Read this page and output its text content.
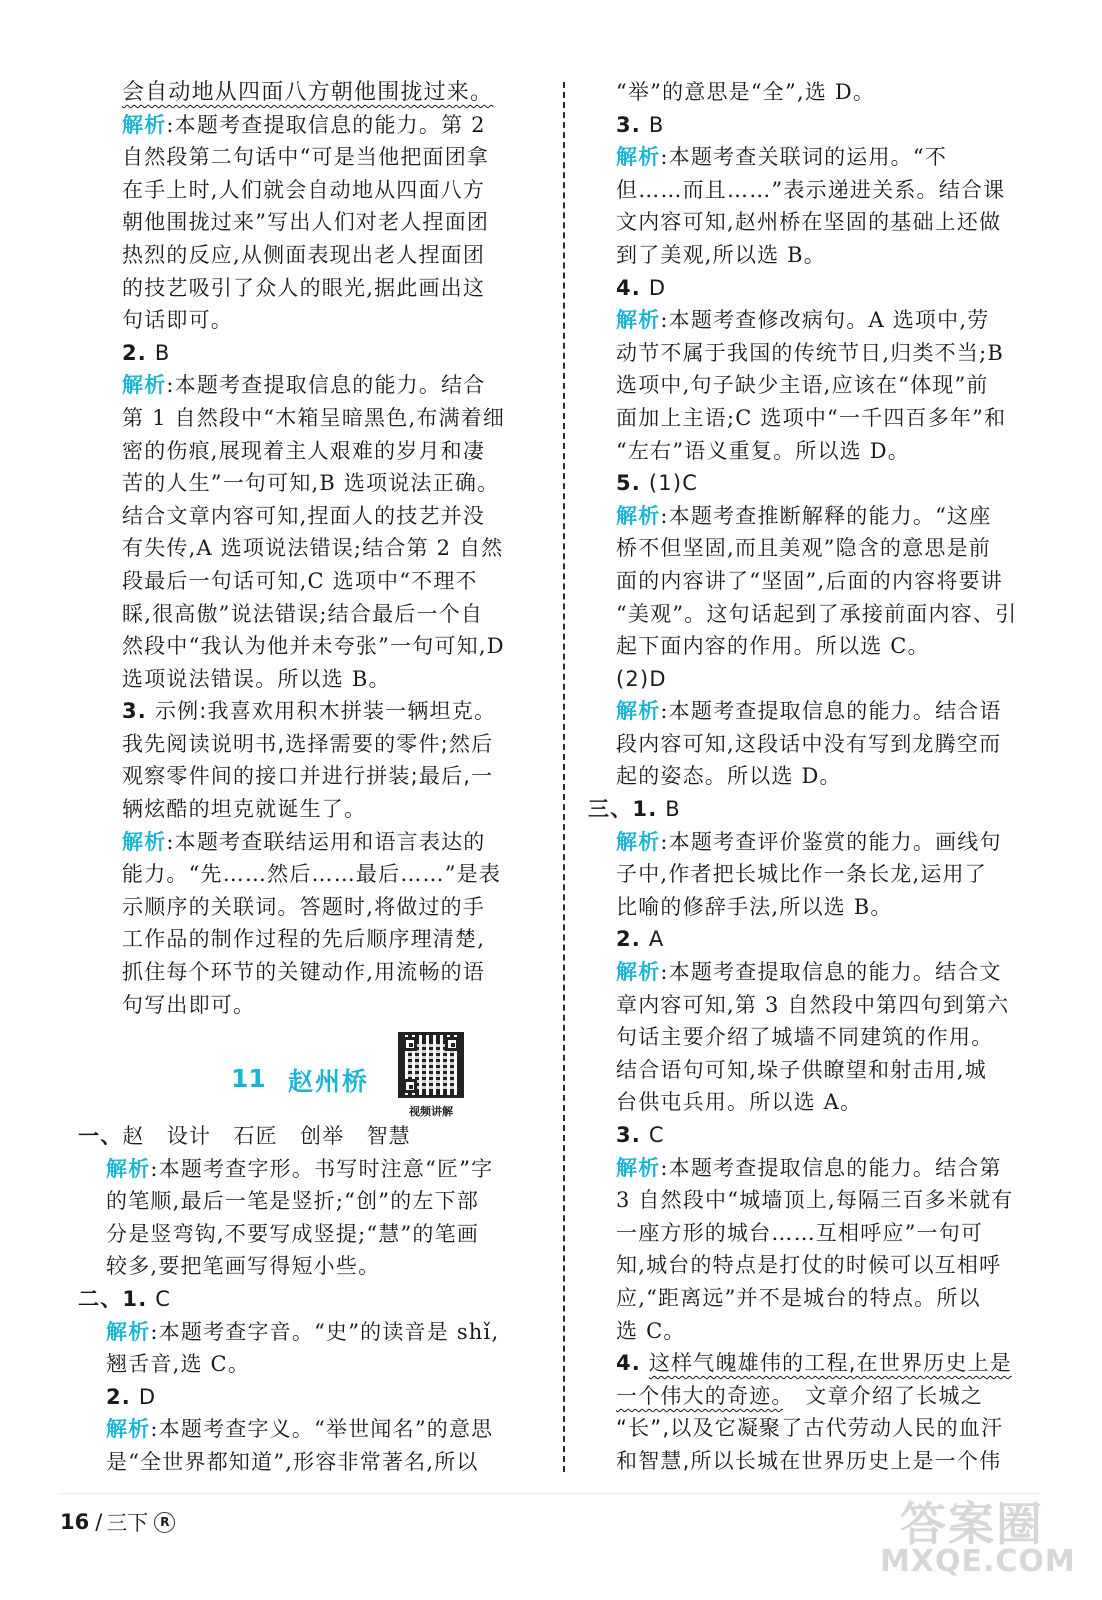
会自动地从四面八方朝他围拢过来。
解析:本题考查提取信息的能力。第 2
自然段第二句话中“可是当他把面团拿
在手上时,人们就会自动地从四面八方
朝他围拢过来”写出人们对老人捏面团
热烈的反应,从侧面表现出老人捏面团
的技艺吸引了众人的眼光,据此画出这
句话即可。
2. B
解析:本题考查提取信息的能力。结合
第 1 自然段中“木箱呈暗黑色,布满着细
密的伤痕,展现着主人艰难的岁月和凄
苦的人生”一句可知,B 选项说法正确。
结合文章内容可知,捏面人的技艺并没
有失传,A 选项说法错误;结合第 2 自然
段最后一句话可知,C 选项中“不理不
睬,很高傲”说法错误;结合最后一个自
然段中“我认为他并未夸张”一句可知,D
选项说法错误。所以选 B。
3. 示例:我喜欢用积木拼装一辆坦克。
我先阅读说明书,选择需要的零件;然后
观察零件间的接口并进行拼装;最后,一
辆炫酷的坦克就诞生了。
解析:本题考查联结运用和语言表达的
能力。“先……然后……最后……”是表
示顺序的关联词。答题时,将做过的手
工作品的制作过程的先后顺序理清楚,
抓住每个环节的关键动作,用流畅的语
句写出即可。
11 赵州桥
视频讲解
一、赵　设计　石匠　创举　智慧
解析:本题考查字形。书写时注意“匠”字
的笔顺,最后一笔是竖折;“创”的左下部
分是竖弯钩,不要写成竖提;“慧”的笔画
较多,要把笔画写得短小些。
二、1. C
解析:本题考查字音。“史”的读音是 shǐ,
翘舌音,选 C。
2. D
解析:本题考查字义。“举世闻名”的意思
是“全世界都知道”,形容非常著名,所以
“举”的意思是“全”,选 D。
3. B
解析:本题考查关联词的运用。“不
但……而且……”表示递进关系。结合课
文内容可知,赵州桥在坚固的基础上还做
到了美观,所以选 B。
4. D
解析:本题考查修改病句。A 选项中,劳
动节不属于我国的传统节日,归类不当;B
选项中,句子缺少主语,应该在“体现”前
面加上主语;C 选项中“一千四百多年”和
“左右”语义重复。所以选 D。
5. (1)C
解析:本题考查推断解释的能力。“这座
桥不但坚固,而且美观”隐含的意思是前
面的内容讲了“坚固”,后面的内容将要讲
“美观”。这句话起到了承接前面内容、引
起下面内容的作用。所以选 C。
(2)D
解析:本题考查提取信息的能力。结合语
段内容可知,这段话中没有写到龙腾空而
起的姿态。所以选 D。
三、1. B
解析:本题考查评价鉴赏的能力。画线句
子中,作者把长城比作一条长龙,运用了
比喻的修辞手法,所以选 B。
2. A
解析:本题考查提取信息的能力。结合文
章内容可知,第 3 自然段中第四句到第六
句话主要介绍了城墙不同建筑的作用。
结合语句可知,垛子供瞭望和射击用,城
台供屯兵用。所以选 A。
3. C
解析:本题考查提取信息的能力。结合第
3 自然段中“城墙顶上,每隔三百多米就有
一座方形的城台……互相呼应”一句可
知,城台的特点是打仗的时候可以互相呼
应,“距离远”并不是城台的特点。所以
选 C。
4. 这样气魄雄伟的工程,在世界历史上是
一个伟大的奇迹。　文章介绍了长城之
“长”,以及它凝聚了古代劳动人民的血汗
和智慧,所以长城在世界历史上是一个伟
16 / 三下 R	答案圈
MXQE.COM
